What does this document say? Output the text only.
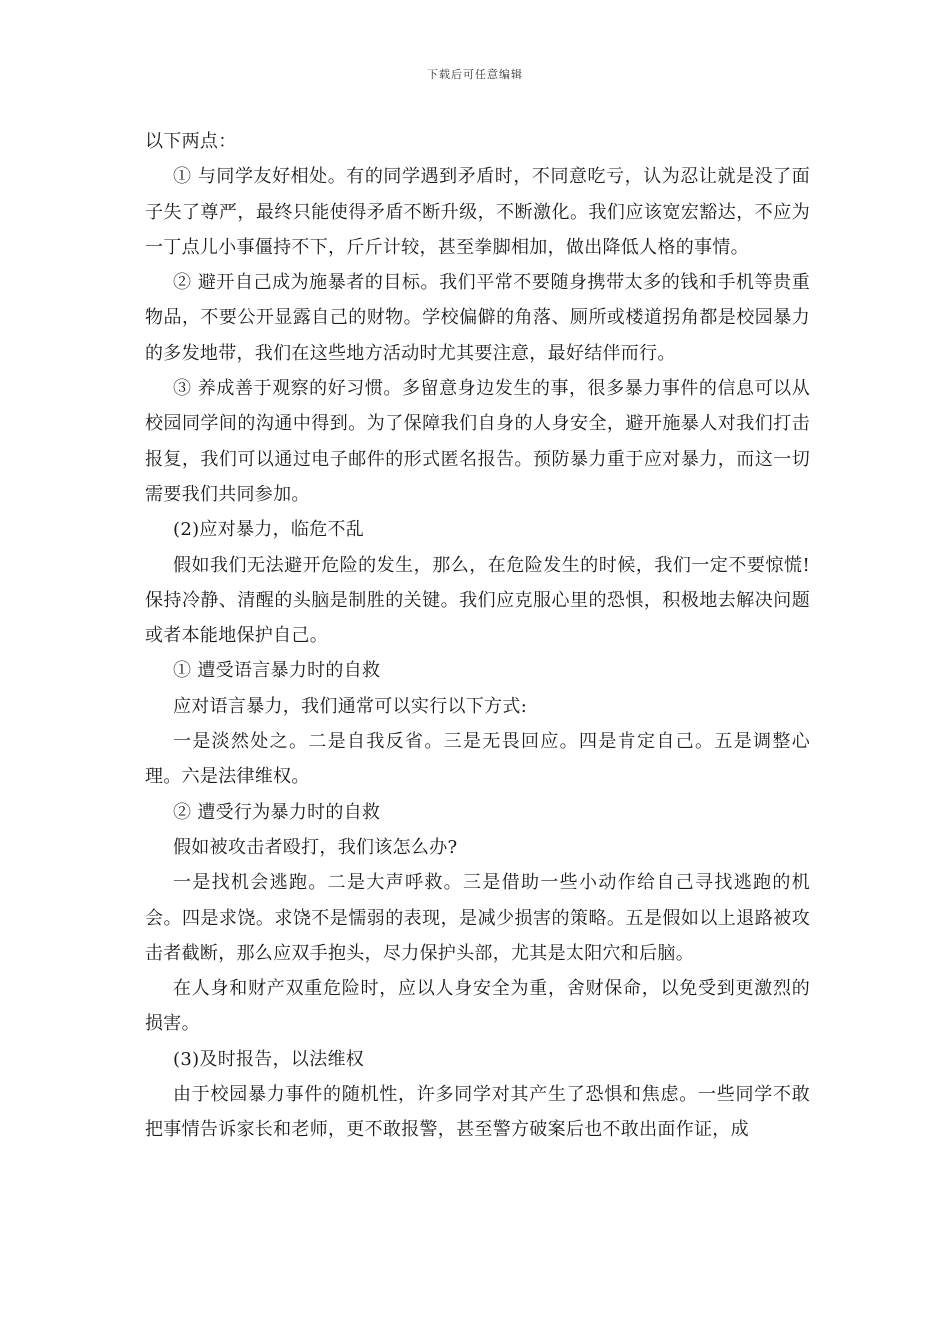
下载后可任意编辑

以下两点：

① 与同学友好相处。有的同学遇到矛盾时，不同意吃亏，认为忍让就是没了面子失了尊严，最终只能使得矛盾不断升级，不断激化。我们应该宽宏豁达，不应为一丁点儿小事僵持不下，斤斤计较，甚至拳脚相加，做出降低人格的事情。

② 避开自己成为施暴者的目标。我们平常不要随身携带太多的钱和手机等贵重物品，不要公开显露自己的财物。学校偏僻的角落、厕所或楼道拐角都是校园暴力的多发地带，我们在这些地方活动时尤其要注意，最好结伴而行。

③ 养成善于观察的好习惯。多留意身边发生的事，很多暴力事件的信息可以从校园同学间的沟通中得到。为了保障我们自身的人身安全，避开施暴人对我们打击报复，我们可以通过电子邮件的形式匿名报告。预防暴力重于应对暴力，而这一切需要我们共同参加。

(2)应对暴力，临危不乱

假如我们无法避开危险的发生，那么，在危险发生的时候，我们一定不要惊慌!保持冷静、清醒的头脑是制胜的关键。我们应克服心里的恐惧，积极地去解决问题或者本能地保护自己。

① 遭受语言暴力时的自救

应对语言暴力，我们通常可以实行以下方式:

一是淡然处之。二是自我反省。三是无畏回应。四是肯定自己。五是调整心理。六是法律维权。

② 遭受行为暴力时的自救

假如被攻击者殴打，我们该怎么办?

一是找机会逃跑。二是大声呼救。三是借助一些小动作给自己寻找逃跑的机会。四是求饶。求饶不是懦弱的表现，是减少损害的策略。五是假如以上退路被攻击者截断，那么应双手抱头，尽力保护头部，尤其是太阳穴和后脑。

在人身和财产双重危险时，应以人身安全为重，舍财保命，以免受到更激烈的损害。

(3)及时报告，以法维权

由于校园暴力事件的随机性，许多同学对其产生了恐惧和焦虑。一些同学不敢把事情告诉家长和老师，更不敢报警，甚至警方破案后也不敢出面作证，成
